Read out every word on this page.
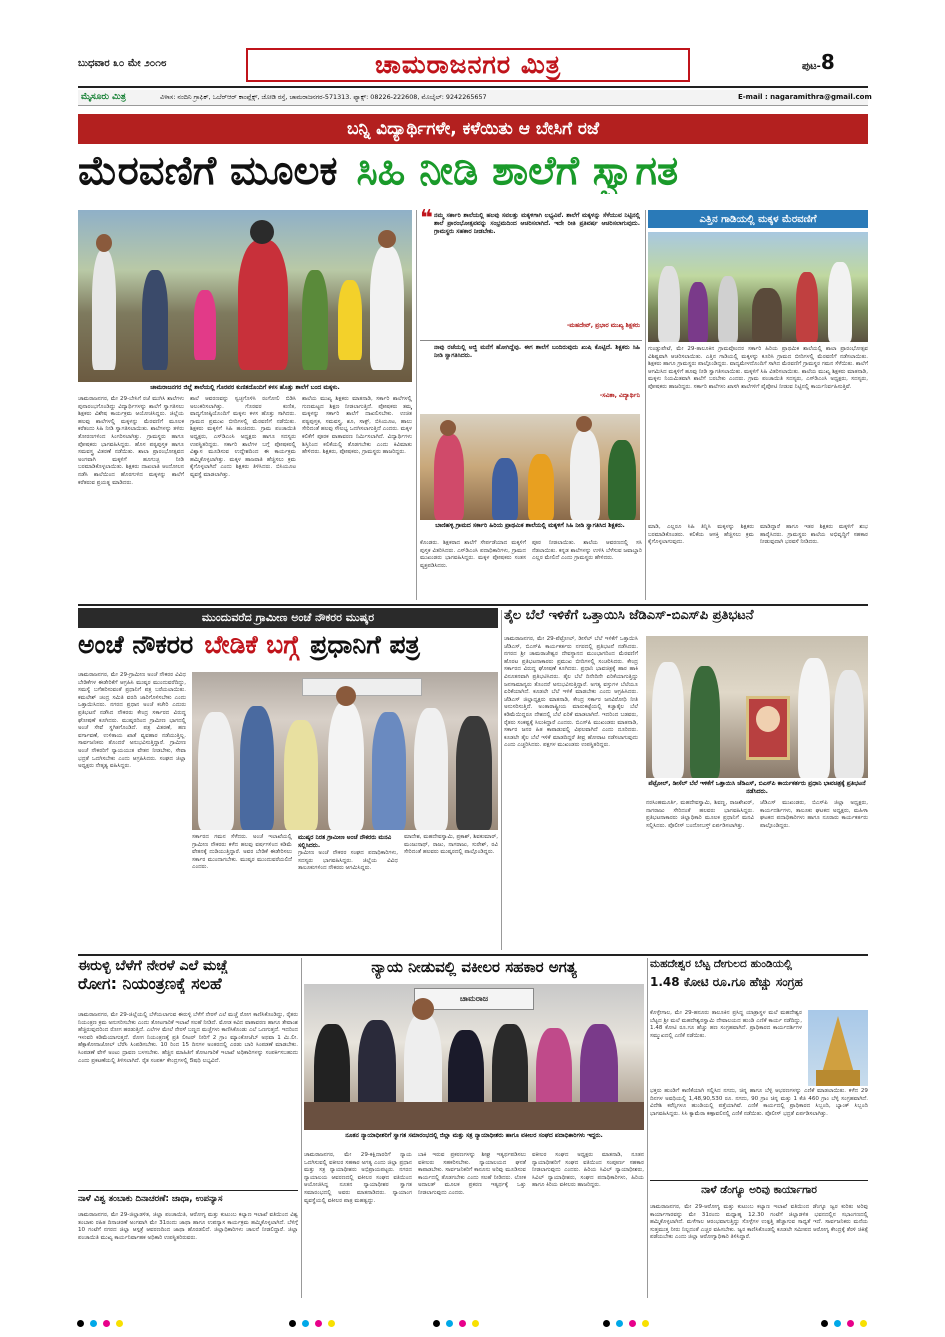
ಬುಧವಾರ ೩೦ ಮೇ ೨೦೧೮	ಚಾಮರಾಜನಗರ ಮಿತ್ರ	ಪುಟ-8
ಮೈಸೂರು ಮಿತ್ರ	ವಿಳಾಸ: ನಂದಿನಿ ಗ್ರಾಫಿಕ್, ಒಬೆರ್‌ಆರ್ ಕಾಂಪ್ಲೆಕ್ಸ್, ಜೋಡಿ ರಸ್ತೆ, ಚಾಮರಾಜನಗರ-571313. ಫ್ಯಾಕ್ಸ್: 08226-222608, ಮೊಬೈಲ್: 9242265657	E-mail : nagaramithra@gmail.com
ಬನ್ನಿ ವಿದ್ಯಾರ್ಥಿಗಳೇ, ಕಳೆಯಿತು ಆ ಬೇಸಿಗೆ ರಜೆ
ಮೆರವಣಿಗೆ ಮೂಲಕ ಸಿಹಿ ನೀಡಿ ಶಾಲೆಗೆ ಸ್ವಾಗತ
ಚಾಮರಾಜನಗರ ಜಿಲ್ಲೆ ಶಾಲೆಯಲ್ಲಿ ಗೊರವರ ಕುಣಿತದೊಂದಿಗೆ ಕಳಸ ಹೊತ್ತು ಶಾಲೆಗೆ ಬಂದ ಮಕ್ಕಳು.
ಚಾಮರಾಜನಗರ, ಮೇ 29-ಬೇಸಿಗೆ ರಜೆ ಮುಗಿಸಿ ಶಾಲೆಗಳು ಪುನಾರಂಭಗೊಂಡಿದ್ದು ವಿದ್ಯಾರ್ಥಿಗಳನ್ನು ಶಾಲೆಗೆ ಸ್ವಾಗತಿಸಲು ಶಿಕ್ಷಕರು ವಿಶೇಷ ಕಾರ್ಯಕ್ರಮ ಆಯೋಜಿಸಿದ್ದರು. ಜಿಲ್ಲೆಯ ಹಲವು ಶಾಲೆಗಳಲ್ಲಿ ಮಕ್ಕಳನ್ನು ಮೆರವಣಿಗೆ ಮೂಲಕ ಕರೆತಂದು ಸಿಹಿ ನೀಡಿ ಸ್ವಾಗತಿಸಲಾಯಿತು. ಶಾಲೆಗಳನ್ನು ತಳಿರು ತೋರಣಗಳಿಂದ ಸಿಂಗರಿಸಲಾಗಿತ್ತು. ಗ್ರಾಮಸ್ಥರು ಹಾಗೂ ಪೋಷಕರು ಭಾಗವಹಿಸಿದ್ದರು. ಹೊಸ ಪಠ್ಯಪುಸ್ತಕ ಹಾಗೂ ಸಮವಸ್ತ್ರ ವಿತರಣೆ ನಡೆಯಿತು. ಶಾಲಾ ಪ್ರಾರಂಭೋತ್ಸವದ ಅಂಗವಾಗಿ ಮಕ್ಕಳಿಗೆ ಹೂಗುಚ್ಛ ನೀಡಿ ಬರಮಾಡಿಕೊಳ್ಳಲಾಯಿತು. ಶಿಕ್ಷಕರು ದಾಖಲಾತಿ ಆಂದೋಲನ ನಡೆಸಿ ಶಾಲೆಯಿಂದ ಹೊರಗುಳಿದ ಮಕ್ಕಳನ್ನು ಶಾಲೆಗೆ ಕರೆತರುವ ಪ್ರಯತ್ನ ಮಾಡಿದರು.
ಶಾಲೆ ಆವರಣವನ್ನು ಸ್ವಚ್ಛಗೊಳಿಸಿ ರಂಗೋಲಿ ಬಿಡಿಸಿ ಅಲಂಕರಿಸಲಾಗಿತ್ತು. ಗೊರವರ ಕುಣಿತ, ವಾದ್ಯಗೋಷ್ಠಿಯೊಂದಿಗೆ ಮಕ್ಕಳು ಕಳಸ ಹೊತ್ತು ಸಾಗಿದರು. ಗ್ರಾಮದ ಪ್ರಮುಖ ಬೀದಿಗಳಲ್ಲಿ ಮೆರವಣಿಗೆ ನಡೆಯಿತು. ಶಿಕ್ಷಕರು ಮಕ್ಕಳಿಗೆ ಸಿಹಿ ಹಂಚಿದರು. ಗ್ರಾಮ ಪಂಚಾಯಿತಿ ಅಧ್ಯಕ್ಷರು, ಎಸ್‌ಡಿಎಂಸಿ ಅಧ್ಯಕ್ಷರು ಹಾಗೂ ಸದಸ್ಯರು ಉಪಸ್ಥಿತರಿದ್ದರು. ಸರ್ಕಾರಿ ಶಾಲೆಗಳ ಬಗ್ಗೆ ಪೋಷಕರಲ್ಲಿ ವಿಶ್ವಾಸ ಮೂಡಿಸುವ ಉದ್ದೇಶದಿಂದ ಈ ಕಾರ್ಯಕ್ರಮ ಹಮ್ಮಿಕೊಳ್ಳಲಾಗಿತ್ತು. ಮಕ್ಕಳ ಹಾಜರಾತಿ ಹೆಚ್ಚಿಸಲು ಕ್ರಮ ಕೈಗೊಳ್ಳಲಾಗಿದೆ ಎಂದು ಶಿಕ್ಷಕರು ತಿಳಿಸಿದರು. ಬಿಸಿಯೂಟ ವ್ಯವಸ್ಥೆ ಮಾಡಲಾಗಿತ್ತು.
ಶಾಲೆಯ ಮುಖ್ಯ ಶಿಕ್ಷಕರು ಮಾತನಾಡಿ, ಸರ್ಕಾರಿ ಶಾಲೆಗಳಲ್ಲಿ ಗುಣಮಟ್ಟದ ಶಿಕ್ಷಣ ನೀಡಲಾಗುತ್ತಿದೆ. ಪೋಷಕರು ತಮ್ಮ ಮಕ್ಕಳನ್ನು ಸರ್ಕಾರಿ ಶಾಲೆಗೆ ದಾಖಲಿಸಬೇಕು. ಉಚಿತ ಪಠ್ಯಪುಸ್ತಕ, ಸಮವಸ್ತ್ರ, ಶೂ, ಸಾಕ್ಸ್, ಬಿಸಿಯೂಟ, ಹಾಲು ಸೇರಿದಂತೆ ಹಲವು ಸೌಲಭ್ಯ ಒದಗಿಸಲಾಗುತ್ತಿದೆ ಎಂದರು. ಮಕ್ಕಳ ಕಲಿಕೆಗೆ ಪೂರಕ ವಾತಾವರಣ ನಿರ್ಮಿಸಲಾಗಿದೆ. ವಿದ್ಯಾರ್ಥಿಗಳು ಶಿಸ್ತಿನಿಂದ ಕಲಿಕೆಯಲ್ಲಿ ತೊಡಗಬೇಕು ಎಂದು ಕಿವಿಮಾತು ಹೇಳಿದರು. ಶಿಕ್ಷಕರು, ಪೋಷಕರು, ಗ್ರಾಮಸ್ಥರು ಹಾಜರಿದ್ದರು.
❝ ನಮ್ಮ ಸರ್ಕಾರಿ ಶಾಲೆಯಲ್ಲಿ ಹಲವು ಸವಲತ್ತು ಮಕ್ಕಳಿಗಾಗಿ ಲಭ್ಯವಿವೆ. ಶಾಲೆಗೆ ಮಕ್ಕಳನ್ನು ಸೆಳೆಯುವ ನಿಟ್ಟಿನಲ್ಲಿ ಶಾಲೆ ಪ್ರಾರಂಭೋತ್ಸವವನ್ನು ಸಂಭ್ರಮದಿಂದ ಆಚರಿಸಲಾಗಿದೆ. ಇದೇ ರೀತಿ ಪ್ರತಿವರ್ಷ ಆಚರಿಸಲಾಗುವುದು. ಗ್ರಾಮಸ್ಥರು ಸಹಕಾರ ನೀಡಬೇಕು.
-ಮಹದೇವ್, ಪ್ರಭಾರ ಮುಖ್ಯ ಶಿಕ್ಷಕರು
ನಾವು ರಜೆಯಲ್ಲಿ ಅಜ್ಜಿ ಮನೆಗೆ ಹೋಗಿದ್ದೆವು. ಈಗ ಶಾಲೆಗೆ ಬಂದಿರುವುದು ಖುಷಿ ಕೊಟ್ಟಿದೆ. ಶಿಕ್ಷಕರು ಸಿಹಿ ನೀಡಿ ಸ್ವಾಗತಿಸಿದರು.
-ಸವಿತಾ, ವಿದ್ಯಾರ್ಥಿನಿ
ಬಾಣಿಹಳ್ಳಿ ಗ್ರಾಮದ ಸರ್ಕಾರಿ ಹಿರಿಯ ಪ್ರಾಥಮಿಕ ಶಾಲೆಯಲ್ಲಿ ಮಕ್ಕಳಿಗೆ ಸಿಹಿ ನೀಡಿ ಸ್ವಾಗತಿಸಿದ ಶಿಕ್ಷಕರು.
ಕೊಂಡರು. ಶಿಕ್ಷಕರಾದ ಶಾಲೆಗೆ ಸೇರ್ಪಡೆಯಾದ ಮಕ್ಕಳಿಗೆ ಪುಸ್ತಕ ವಿತರಿಸಿದರು. ಎಸ್‌ಡಿಎಂಸಿ ಪದಾಧಿಕಾರಿಗಳು, ಗ್ರಾಮದ ಮುಖಂಡರು ಭಾಗವಹಿಸಿದ್ದರು. ಮಕ್ಕಳ ಪೋಷಕರು ಸಂತಸ ವ್ಯಕ್ತಪಡಿಸಿದರು.
ಪೂರ ನೀಡಲಾಯಿತು. ಶಾಲೆಯ ಆವರಣದಲ್ಲಿ ಸಸಿ ನೆಡಲಾಯಿತು. ಕನ್ನಡ ಶಾಲೆಗಳನ್ನು ಉಳಿಸಿ ಬೆಳೆಸುವ ಜವಾಬ್ದಾರಿ ಎಲ್ಲರ ಮೇಲಿದೆ ಎಂದು ಗ್ರಾಮಸ್ಥರು ಹೇಳಿದರು.
ಎತ್ತಿನ ಗಾಡಿಯಲ್ಲಿ ಮಕ್ಕಳ ಮೆರವಣಿಗೆ
ಗುಂಡ್ಲುಪೇಟೆ, ಮೇ 29-ತಾಲೂಕಿನ ಗ್ರಾಮವೊಂದರ ಸರ್ಕಾರಿ ಹಿರಿಯ ಪ್ರಾಥಮಿಕ ಶಾಲೆಯಲ್ಲಿ ಶಾಲಾ ಪ್ರಾರಂಭೋತ್ಸವ ವಿಶಿಷ್ಟವಾಗಿ ಆಚರಿಸಲಾಯಿತು. ಎತ್ತಿನ ಗಾಡಿಯಲ್ಲಿ ಮಕ್ಕಳನ್ನು ಕೂರಿಸಿ ಗ್ರಾಮದ ಬೀದಿಗಳಲ್ಲಿ ಮೆರವಣಿಗೆ ನಡೆಸಲಾಯಿತು. ಶಿಕ್ಷಕರು ಹಾಗೂ ಗ್ರಾಮಸ್ಥರು ಪಾಲ್ಗೊಂಡಿದ್ದರು. ವಾದ್ಯಮೇಳದೊಂದಿಗೆ ಸಾಗಿದ ಮೆರವಣಿಗೆ ಗ್ರಾಮಸ್ಥರ ಗಮನ ಸೆಳೆಯಿತು. ಶಾಲೆಗೆ ಆಗಮಿಸಿದ ಮಕ್ಕಳಿಗೆ ಹೂವು ನೀಡಿ ಸ್ವಾಗತಿಸಲಾಯಿತು. ಮಕ್ಕಳಿಗೆ ಸಿಹಿ ವಿತರಿಸಲಾಯಿತು. ಶಾಲೆಯ ಮುಖ್ಯ ಶಿಕ್ಷಕರು ಮಾತನಾಡಿ, ಮಕ್ಕಳು ನಿಯಮಿತವಾಗಿ ಶಾಲೆಗೆ ಬರಬೇಕು ಎಂದರು. ಗ್ರಾಮ ಪಂಚಾಯಿತಿ ಸದಸ್ಯರು, ಎಸ್‌ಡಿಎಂಸಿ ಅಧ್ಯಕ್ಷರು, ಸದಸ್ಯರು, ಪೋಷಕರು ಹಾಜರಿದ್ದರು. ಸರ್ಕಾರಿ ಶಾಲೆಗಳು ಖಾಸಗಿ ಶಾಲೆಗಳಿಗೆ ಪೈಪೋಟಿ ನೀಡುವ ನಿಟ್ಟಿನಲ್ಲಿ ಕಾರ್ಯನಿರ್ವಹಿಸುತ್ತಿವೆ.
ಮಾಡಿ, ಎಲ್ಲರೂ ಸಿಹಿ ತಿನ್ನಿಸಿ ಮಕ್ಕಳನ್ನು ಶಿಕ್ಷಕರು ಬರಮಾಡಿಕೊಂಡರು. ಕಲಿಕೆಯ ಆಸಕ್ತಿ ಹೆಚ್ಚಿಸಲು ಕ್ರಮ ಕೈಗೊಳ್ಳಲಾಗುವುದು.
ಮಾಡಿದ್ದಾರೆ ಹಾಗೂ ಇತರ ಶಿಕ್ಷಕರು ಮಕ್ಕಳಿಗೆ ಶುಭ ಹಾರೈಸಿದರು. ಗ್ರಾಮಸ್ಥರು ಶಾಲೆಯ ಅಭಿವೃದ್ಧಿಗೆ ಸಹಕಾರ ನೀಡುವುದಾಗಿ ಭರವಸೆ ನೀಡಿದರು.
ಮುಂದುವರೆದ ಗ್ರಾಮೀಣ ಅಂಚೆ ನೌಕರರ ಮುಷ್ಕರ
ಅಂಚೆ ನೌಕರರ ಬೇಡಿಕೆ ಬಗ್ಗೆ ಪ್ರಧಾನಿಗೆ ಪತ್ರ
ಚಾಮರಾಜನಗರ, ಮೇ 29-ಗ್ರಾಮೀಣ ಅಂಚೆ ನೌಕರರ ವಿವಿಧ ಬೇಡಿಕೆಗಳ ಈಡೇರಿಕೆಗೆ ಆಗ್ರಹಿಸಿ ಮುಷ್ಕರ ಮುಂದುವರೆದಿದ್ದು, ಸಮಸ್ಯೆ ಬಗೆಹರಿಸುವಂತೆ ಪ್ರಧಾನಿಗೆ ಪತ್ರ ಬರೆಯಲಾಯಿತು. ಕಮಲೇಶ್ ಚಂದ್ರ ಸಮಿತಿ ವರದಿ ಜಾರಿಗೊಳಿಸಬೇಕು ಎಂದು ಒತ್ತಾಯಿಸಿದರು. ನಗರದ ಪ್ರಧಾನ ಅಂಚೆ ಕಚೇರಿ ಎದುರು ಪ್ರತಿಭಟನೆ ನಡೆಸಿದ ನೌಕರರು ಕೇಂದ್ರ ಸರ್ಕಾರದ ವಿರುದ್ಧ ಘೋಷಣೆ ಕೂಗಿದರು. ಮುಷ್ಕರದಿಂದ ಗ್ರಾಮೀಣ ಭಾಗದಲ್ಲಿ ಅಂಚೆ ಸೇವೆ ಸ್ಥಗಿತಗೊಂಡಿದೆ. ಪತ್ರ ವಿತರಣೆ, ಹಣ ವರ್ಗಾವಣೆ, ಉಳಿತಾಯ ಖಾತೆ ವ್ಯವಹಾರ ನಡೆಯುತ್ತಿಲ್ಲ. ಸಾರ್ವಜನಿಕರು ತೊಂದರೆ ಅನುಭವಿಸುತ್ತಿದ್ದಾರೆ. ಗ್ರಾಮೀಣ ಅಂಚೆ ನೌಕರರಿಗೆ ನ್ಯಾಯಯುತ ವೇತನ ನೀಡಬೇಕು, ಸೇವಾ ಭದ್ರತೆ ಒದಗಿಸಬೇಕು ಎಂದು ಆಗ್ರಹಿಸಿದರು. ಸಂಘದ ಜಿಲ್ಲಾ ಅಧ್ಯಕ್ಷರು ನೇತೃತ್ವ ವಹಿಸಿದ್ದರು.
ಸರ್ಕಾರದ ಗಮನ ಸೆಳೆದರು. ಅಂಚೆ ಇಲಾಖೆಯಲ್ಲಿ ಗ್ರಾಮೀಣ ನೌಕರರು ಕಳೆದ ಹಲವು ವರ್ಷಗಳಿಂದ ಕಡಿಮೆ ವೇತನಕ್ಕೆ ದುಡಿಯುತ್ತಿದ್ದಾರೆ. ಅವರ ಬೇಡಿಕೆ ಈಡೇರಿಸಲು ಸರ್ಕಾರ ಮುಂದಾಗಬೇಕು. ಮುಷ್ಕರ ಮುಂದುವರೆಯಲಿದೆ ಎಂದರು.
ಮುಷ್ಕರ ನಿರತ ಗ್ರಾಮೀಣ ಅಂಚೆ ನೌಕರರು ಮನವಿ ಸಲ್ಲಿಸಿದರು.
ಗ್ರಾಮೀಣ ಅಂಚೆ ನೌಕರರ ಸಂಘದ ಪದಾಧಿಕಾರಿಗಳು, ಸದಸ್ಯರು ಭಾಗವಹಿಸಿದ್ದರು. ಜಿಲ್ಲೆಯ ವಿವಿಧ ತಾಲೂಕುಗಳಿಂದ ನೌಕರರು ಆಗಮಿಸಿದ್ದರು.
ಮಾದೇಶ, ಮಹದೇವಸ್ವಾಮಿ, ಪ್ರಕಾಶ್, ಶಿವಕುಮಾರ್, ಮಂಜುನಾಥ್, ರಾಜು, ನಾಗರಾಜು, ಸುರೇಶ್, ರವಿ ಸೇರಿದಂತೆ ಹಲವರು ಮುಷ್ಕರದಲ್ಲಿ ಪಾಲ್ಗೊಂಡಿದ್ದರು.
ತೈಲ ಬೆಲೆ ಇಳಿಕೆಗೆ ಒತ್ತಾಯಿಸಿ ಜೆಡಿಎಸ್-ಬಿಎಸ್‌ಪಿ ಪ್ರತಿಭಟನೆ
ಚಾಮರಾಜನಗರ, ಮೇ 29-ಪೆಟ್ರೋಲ್, ಡೀಸೆಲ್ ಬೆಲೆ ಇಳಿಕೆಗೆ ಒತ್ತಾಯಿಸಿ ಜೆಡಿಎಸ್, ಬಿಎಸ್‌ಪಿ ಕಾರ್ಯಕರ್ತರು ನಗರದಲ್ಲಿ ಪ್ರತಿಭಟನೆ ನಡೆಸಿದರು. ನಗರದ ಶ್ರೀ ಚಾಮರಾಜೇಶ್ವರ ದೇವಸ್ಥಾನದ ಮುಂಭಾಗದಿಂದ ಮೆರವಣಿಗೆ ಹೊರಟ ಪ್ರತಿಭಟನಾಕಾರರು ಪ್ರಮುಖ ಬೀದಿಗಳಲ್ಲಿ ಸಂಚರಿಸಿದರು. ಕೇಂದ್ರ ಸರ್ಕಾರದ ವಿರುದ್ಧ ಘೋಷಣೆ ಕೂಗಿದರು. ಪ್ರಧಾನಿ ಭಾವಚಿತ್ರಕ್ಕೆ ಹಾರ ಹಾಕಿ ವಿನೂತನವಾಗಿ ಪ್ರತಿಭಟಿಸಿದರು. ತೈಲ ಬೆಲೆ ದಿನೇದಿನೇ ಏರಿಕೆಯಾಗುತ್ತಿದ್ದು ಜನಸಾಮಾನ್ಯರು ತೊಂದರೆ ಅನುಭವಿಸುತ್ತಿದ್ದಾರೆ. ಅಗತ್ಯ ವಸ್ತುಗಳ ಬೆಲೆಯೂ ಏರಿಕೆಯಾಗಿದೆ. ಕೂಡಲೇ ಬೆಲೆ ಇಳಿಕೆ ಮಾಡಬೇಕು ಎಂದು ಆಗ್ರಹಿಸಿದರು. ಜೆಡಿಎಸ್ ಜಿಲ್ಲಾಧ್ಯಕ್ಷರು ಮಾತನಾಡಿ, ಕೇಂದ್ರ ಸರ್ಕಾರ ಜನವಿರೋಧಿ ನೀತಿ ಅನುಸರಿಸುತ್ತಿದೆ. ಅಂತಾರಾಷ್ಟ್ರೀಯ ಮಾರುಕಟ್ಟೆಯಲ್ಲಿ ಕಚ್ಚಾತೈಲ ಬೆಲೆ ಕಡಿಮೆಯಿದ್ದರೂ ದೇಶದಲ್ಲಿ ಬೆಲೆ ಏರಿಕೆ ಮಾಡಲಾಗಿದೆ. ಇದರಿಂದ ಬಡವರು, ರೈತರು ಸಂಕಷ್ಟಕ್ಕೆ ಸಿಲುಕಿದ್ದಾರೆ ಎಂದರು. ಬಿಎಸ್‌ಪಿ ಮುಖಂಡರು ಮಾತನಾಡಿ, ಸರ್ಕಾರ ಜನರ ಹಿತ ಕಾಪಾಡುವಲ್ಲಿ ವಿಫಲವಾಗಿದೆ ಎಂದು ದೂರಿದರು. ಕೂಡಲೇ ತೈಲ ಬೆಲೆ ಇಳಿಕೆ ಮಾಡದಿದ್ದರೆ ತೀವ್ರ ಹೋರಾಟ ನಡೆಸಲಾಗುವುದು ಎಂದು ಎಚ್ಚರಿಸಿದರು. ಪಕ್ಷಗಳ ಮುಖಂಡರು ಉಪಸ್ಥಿತರಿದ್ದರು.
ಪೆಟ್ರೋಲ್, ಡೀಸೆಲ್ ಬೆಲೆ ಇಳಿಕೆಗೆ ಒತ್ತಾಯಿಸಿ ಜೆಡಿಎಸ್, ಬಿಎಸ್‌ಪಿ ಕಾರ್ಯಕರ್ತರು ಪ್ರಧಾನಿ ಭಾವಚಿತ್ರಕ್ಕೆ ಪ್ರತಿಭಟನೆ ನಡೆಸಿದರು.
ನರಸಿಂಹಮೂರ್ತಿ, ಮಹದೇವಸ್ವಾಮಿ, ಶಿವಣ್ಣ, ರಾಜಶೇಖರ್, ನಾಗರಾಜು ಸೇರಿದಂತೆ ಹಲವರು ಭಾಗವಹಿಸಿದ್ದರು. ಪ್ರತಿಭಟನಾಕಾರರು ಜಿಲ್ಲಾಧಿಕಾರಿ ಮೂಲಕ ಪ್ರಧಾನಿಗೆ ಮನವಿ ಸಲ್ಲಿಸಿದರು. ಪೊಲೀಸ್ ಬಂದೋಬಸ್ತ್ ಏರ್ಪಡಿಸಲಾಗಿತ್ತು.
ಜೆಡಿಎಸ್ ಮುಖಂಡರು, ಬಿಎಸ್‌ಪಿ ಜಿಲ್ಲಾ ಅಧ್ಯಕ್ಷರು, ಕಾರ್ಯದರ್ಶಿಗಳು, ತಾಲೂಕು ಘಟಕದ ಅಧ್ಯಕ್ಷರು, ಮಹಿಳಾ ಘಟಕದ ಪದಾಧಿಕಾರಿಗಳು ಹಾಗೂ ನೂರಾರು ಕಾರ್ಯಕರ್ತರು ಪಾಲ್ಗೊಂಡಿದ್ದರು.
ಈರುಳ್ಳಿ ಬೆಳೆಗೆ ನೇರಳೆ ಎಲೆ ಮಚ್ಚೆ
ರೋಗ: ನಿಯಂತ್ರಣಕ್ಕೆ ಸಲಹೆ
ಚಾಮರಾಜನಗರ, ಮೇ 29-ಜಿಲ್ಲೆಯಲ್ಲಿ ಬೆಳೆಯಲಾಗುವ ಈರುಳ್ಳಿ ಬೆಳೆಗೆ ನೇರಳೆ ಎಲೆ ಮಚ್ಚೆ ರೋಗ ಕಾಣಿಸಿಕೊಂಡಿದ್ದು, ರೈತರು ನಿಯಂತ್ರಣ ಕ್ರಮ ಅನುಸರಿಸಬೇಕು ಎಂದು ತೋಟಗಾರಿಕೆ ಇಲಾಖೆ ಸಲಹೆ ನೀಡಿದೆ. ಮೋಡ ಕವಿದ ವಾತಾವರಣ ಹಾಗೂ ತೇವಾಂಶ ಹೆಚ್ಚಿರುವುದರಿಂದ ರೋಗ ಹರಡುತ್ತಿದೆ. ಎಲೆಗಳ ಮೇಲೆ ನೇರಳೆ ಬಣ್ಣದ ಮಚ್ಚೆಗಳು ಕಾಣಿಸಿಕೊಂಡು ಎಲೆ ಒಣಗುತ್ತದೆ. ಇದರಿಂದ ಇಳುವರಿ ಕಡಿಮೆಯಾಗುತ್ತದೆ. ರೋಗ ನಿಯಂತ್ರಣಕ್ಕೆ ಪ್ರತಿ ಲೀಟರ್ ನೀರಿಗೆ 2 ಗ್ರಾಂ ಮ್ಯಾಂಕೋಜೆಬ್ ಅಥವಾ 1 ಮಿ.ಲೀ. ಹೆಕ್ಸಾಕೋನಾಜೋಲ್ ಬೆರೆಸಿ ಸಿಂಪಡಿಸಬೇಕು. 10 ರಿಂದ 15 ದಿನಗಳ ಅಂತರದಲ್ಲಿ ಎರಡು ಬಾರಿ ಸಿಂಪಡಣೆ ಮಾಡಬೇಕು. ಸಿಂಪಡಣೆ ವೇಳೆ ಅಂಟು ದ್ರಾವಣ ಬಳಸಬೇಕು. ಹೆಚ್ಚಿನ ಮಾಹಿತಿಗೆ ತೋಟಗಾರಿಕೆ ಇಲಾಖೆ ಅಧಿಕಾರಿಗಳನ್ನು ಸಂಪರ್ಕಿಸಬಹುದು ಎಂದು ಪ್ರಕಟಣೆಯಲ್ಲಿ ತಿಳಿಸಲಾಗಿದೆ. ರೈತ ಸಂಪರ್ಕ ಕೇಂದ್ರಗಳಲ್ಲಿ ಔಷಧಿ ಲಭ್ಯವಿದೆ.
ನಾಳೆ ವಿಶ್ವ ತಂಬಾಕು ದಿನಾಚರಣೆ: ಜಾಥಾ, ಉಪನ್ಯಾಸ
ಚಾಮರಾಜನಗರ, ಮೇ 29-ಜಿಲ್ಲಾಡಳಿತ, ಜಿಲ್ಲಾ ಪಂಚಾಯಿತಿ, ಆರೋಗ್ಯ ಮತ್ತು ಕುಟುಂಬ ಕಲ್ಯಾಣ ಇಲಾಖೆ ವತಿಯಿಂದ ವಿಶ್ವ ತಂಬಾಕು ರಹಿತ ದಿನಾಚರಣೆ ಅಂಗವಾಗಿ ಮೇ 31ರಂದು ಜಾಥಾ ಹಾಗೂ ಉಪನ್ಯಾಸ ಕಾರ್ಯಕ್ರಮ ಹಮ್ಮಿಕೊಳ್ಳಲಾಗಿದೆ. ಬೆಳಿಗ್ಗೆ 10 ಗಂಟೆಗೆ ನಗರದ ಜಿಲ್ಲಾ ಆಸ್ಪತ್ರೆ ಆವರಣದಿಂದ ಜಾಥಾ ಹೊರಡಲಿದೆ. ಜಿಲ್ಲಾಧಿಕಾರಿಗಳು ಚಾಲನೆ ನೀಡಲಿದ್ದಾರೆ. ಜಿಲ್ಲಾ ಪಂಚಾಯಿತಿ ಮುಖ್ಯ ಕಾರ್ಯನಿರ್ವಾಹಕ ಅಧಿಕಾರಿ ಉಪಸ್ಥಿತರಿರುವರು.
ನ್ಯಾಯ ನೀಡುವಲ್ಲಿ ವಕೀಲರ ಸಹಕಾರ ಅಗತ್ಯ
ಚಾಮರಾಜ
ನೂತನ ನ್ಯಾಯಾಧೀಶರಿಗೆ ಸ್ವಾಗತ ಸಮಾರಂಭದಲ್ಲಿ ಜಿಲ್ಲಾ ಮತ್ತು ಸತ್ರ ನ್ಯಾಯಾಧೀಶರು ಹಾಗೂ ವಕೀಲರ ಸಂಘದ ಪದಾಧಿಕಾರಿಗಳು ಇದ್ದರು.
ಚಾಮರಾಜನಗರ, ಮೇ 29-ಕಕ್ಷಿದಾರರಿಗೆ ನ್ಯಾಯ ಒದಗಿಸುವಲ್ಲಿ ವಕೀಲರ ಸಹಕಾರ ಅಗತ್ಯ ಎಂದು ಜಿಲ್ಲಾ ಪ್ರಧಾನ ಮತ್ತು ಸತ್ರ ನ್ಯಾಯಾಧೀಶರು ಅಭಿಪ್ರಾಯಪಟ್ಟರು. ನಗರದ ನ್ಯಾಯಾಲಯ ಆವರಣದಲ್ಲಿ ವಕೀಲರ ಸಂಘದ ವತಿಯಿಂದ ಆಯೋಜಿಸಿದ್ದ ನೂತನ ನ್ಯಾಯಾಧೀಶರ ಸ್ವಾಗತ ಸಮಾರಂಭದಲ್ಲಿ ಅವರು ಮಾತನಾಡಿದರು. ನ್ಯಾಯಾಂಗ ವ್ಯವಸ್ಥೆಯಲ್ಲಿ ವಕೀಲರ ಪಾತ್ರ ಮಹತ್ವದ್ದು.
ಬಾಕಿ ಇರುವ ಪ್ರಕರಣಗಳನ್ನು ಶೀಘ್ರ ಇತ್ಯರ್ಥಪಡಿಸಲು ವಕೀಲರು ಸಹಕರಿಸಬೇಕು. ನ್ಯಾಯಾಲಯದ ಘನತೆ ಕಾಪಾಡಬೇಕು. ಸಾರ್ವಜನಿಕರಿಗೆ ಕಾನೂನು ಅರಿವು ಮೂಡಿಸುವ ಕಾರ್ಯದಲ್ಲಿ ತೊಡಗಬೇಕು ಎಂದು ಸಲಹೆ ನೀಡಿದರು. ಲೋಕ ಅದಾಲತ್ ಮೂಲಕ ಪ್ರಕರಣ ಇತ್ಯರ್ಥಕ್ಕೆ ಒತ್ತು ನೀಡಲಾಗುವುದು ಎಂದರು.
ವಕೀಲರ ಸಂಘದ ಅಧ್ಯಕ್ಷರು ಮಾತನಾಡಿ, ನೂತನ ನ್ಯಾಯಾಧೀಶರಿಗೆ ಸಂಘದ ವತಿಯಿಂದ ಸಂಪೂರ್ಣ ಸಹಕಾರ ನೀಡಲಾಗುವುದು ಎಂದರು. ಹಿರಿಯ ಸಿವಿಲ್ ನ್ಯಾಯಾಧೀಶರು, ಸಿವಿಲ್ ನ್ಯಾಯಾಧೀಶರು, ಸಂಘದ ಪದಾಧಿಕಾರಿಗಳು, ಹಿರಿಯ ಹಾಗೂ ಕಿರಿಯ ವಕೀಲರು ಹಾಜರಿದ್ದರು.
ಮಹದೇಶ್ವರ ಬೆಟ್ಟ ದೇಗುಲದ ಹುಂಡಿಯಲ್ಲಿ
1.48 ಕೋಟಿ ರೂ.ಗೂ ಹೆಚ್ಚು ಸಂಗ್ರಹ
ಕೊಳ್ಳೇಗಾಲ, ಮೇ 29-ಹನೂರು ತಾಲೂಕಿನ ಪ್ರಸಿದ್ಧ ಯಾತ್ರಾಸ್ಥಳ ಮಲೆ ಮಹದೇಶ್ವರ ಬೆಟ್ಟದ ಶ್ರೀ ಮಲೆ ಮಹದೇಶ್ವರಸ್ವಾಮಿ ದೇವಾಲಯದ ಹುಂಡಿ ಎಣಿಕೆ ಕಾರ್ಯ ನಡೆದಿದ್ದು, 1.48 ಕೋಟಿ ರೂ.ಗೂ ಹೆಚ್ಚು ಹಣ ಸಂಗ್ರಹವಾಗಿದೆ. ಪ್ರಾಧಿಕಾರದ ಕಾರ್ಯದರ್ಶಿಗಳ ಸಮ್ಮುಖದಲ್ಲಿ ಎಣಿಕೆ ನಡೆಯಿತು.
ಭಕ್ತರು ಹುಂಡಿಗೆ ಕಾಣಿಕೆಯಾಗಿ ಸಲ್ಲಿಸಿದ ನಗದು, ಚಿನ್ನ ಹಾಗೂ ಬೆಳ್ಳಿ ಆಭರಣಗಳನ್ನು ಎಣಿಕೆ ಮಾಡಲಾಯಿತು. ಕಳೆದ 29 ದಿನಗಳ ಅವಧಿಯಲ್ಲಿ 1,48,90,530 ರೂ. ನಗದು, 90 ಗ್ರಾಂ ಚಿನ್ನ ಮತ್ತು 1 ಕೆಜಿ 460 ಗ್ರಾಂ ಬೆಳ್ಳಿ ಸಂಗ್ರಹವಾಗಿದೆ. ವಿದೇಶಿ ಕರೆನ್ಸಿಗಳೂ ಹುಂಡಿಯಲ್ಲಿ ಪತ್ತೆಯಾಗಿವೆ. ಎಣಿಕೆ ಕಾರ್ಯದಲ್ಲಿ ಪ್ರಾಧಿಕಾರದ ಸಿಬ್ಬಂದಿ, ಬ್ಯಾಂಕ್ ಸಿಬ್ಬಂದಿ ಭಾಗವಹಿಸಿದ್ದರು. ಸಿಸಿ ಕ್ಯಾಮೆರಾ ಕಣ್ಗಾವಲಿನಲ್ಲಿ ಎಣಿಕೆ ನಡೆಯಿತು. ಪೊಲೀಸ್ ಭದ್ರತೆ ಏರ್ಪಡಿಸಲಾಗಿತ್ತು.
ನಾಳೆ ಡೆಂಗ್ಯೂ ಅರಿವು ಕಾರ್ಯಾಗಾರ
ಚಾಮರಾಜನಗರ, ಮೇ 29-ಆರೋಗ್ಯ ಮತ್ತು ಕುಟುಂಬ ಕಲ್ಯಾಣ ಇಲಾಖೆ ವತಿಯಿಂದ ಡೆಂಗ್ಯೂ ಜ್ವರ ಕುರಿತು ಅರಿವು ಕಾರ್ಯಾಗಾರವನ್ನು ಮೇ 31ರಂದು ಮಧ್ಯಾಹ್ನ 12.30 ಗಂಟೆಗೆ ಜಿಲ್ಲಾಡಳಿತ ಭವನದಲ್ಲಿನ ಸಭಾಂಗಣದಲ್ಲಿ ಹಮ್ಮಿಕೊಳ್ಳಲಾಗಿದೆ. ಮಳೆಗಾಲ ಆರಂಭವಾಗುತ್ತಿದ್ದು ಸೊಳ್ಳೆಗಳ ಉತ್ಪತ್ತಿ ಹೆಚ್ಚಾಗುವ ಸಾಧ್ಯತೆ ಇದೆ. ಸಾರ್ವಜನಿಕರು ಮನೆಯ ಸುತ್ತಮುತ್ತ ನೀರು ನಿಲ್ಲದಂತೆ ಎಚ್ಚರ ವಹಿಸಬೇಕು. ಜ್ವರ ಕಾಣಿಸಿಕೊಂಡಲ್ಲಿ ಕೂಡಲೇ ಸಮೀಪದ ಆರೋಗ್ಯ ಕೇಂದ್ರಕ್ಕೆ ತೆರಳಿ ಚಿಕಿತ್ಸೆ ಪಡೆಯಬೇಕು ಎಂದು ಜಿಲ್ಲಾ ಆರೋಗ್ಯಾಧಿಕಾರಿ ತಿಳಿಸಿದ್ದಾರೆ.
